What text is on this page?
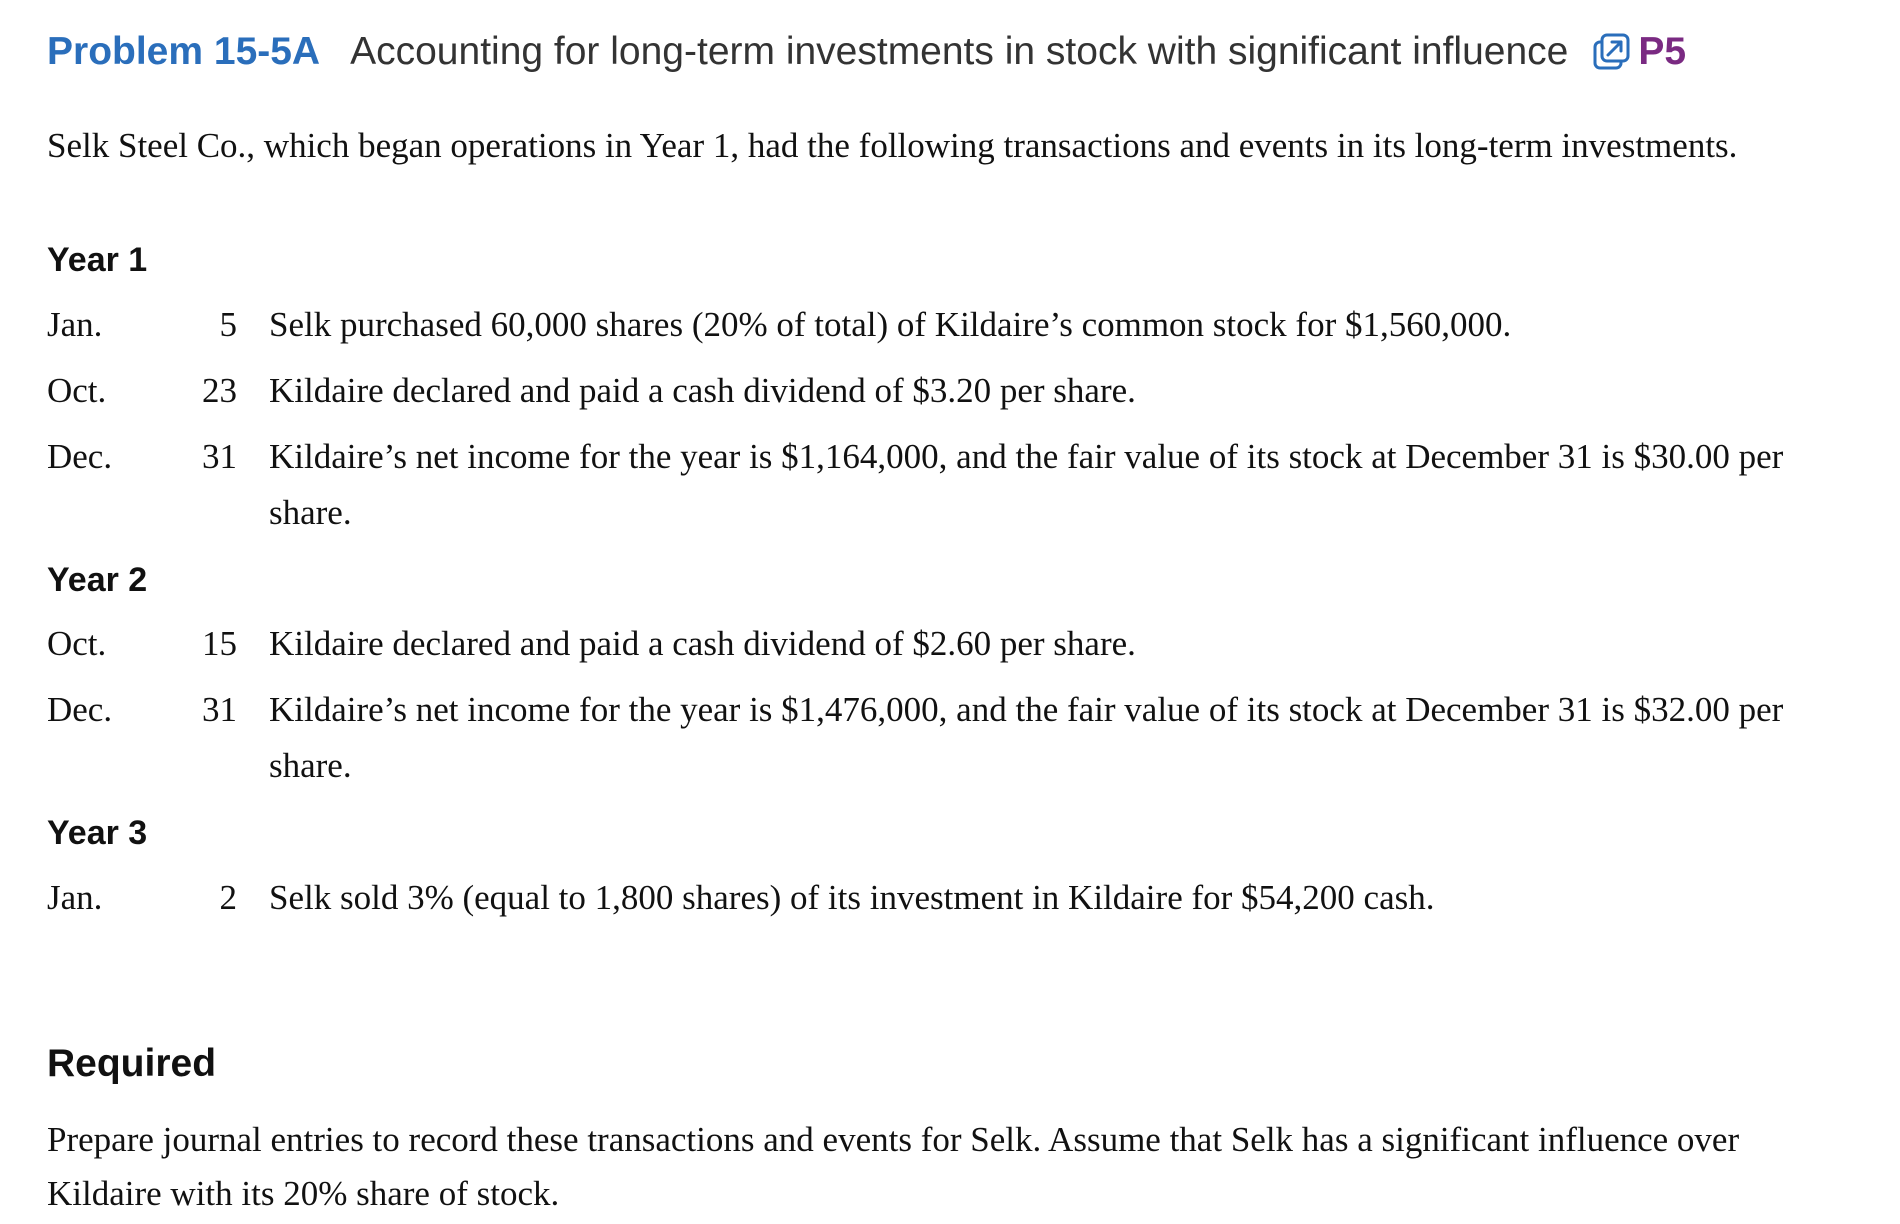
Problem 15-5A Accounting for long-term investments in stock with significant influence P5
Selk Steel Co., which began operations in Year 1, had the following transactions and events in its long-term investments.
Year 1
Jan.	5 Selk purchased 60,000 shares (20% of total) of Kildaire’s common stock for $1,560,000.
Oct.	23 Kildaire declared and paid a cash dividend of $3.20 per share.
Dec.	31 Kildaire’s net income for the year is $1,164,000, and the fair value of its stock at December 31 is $30.00 per
share.
Year 2
Oct.	15 Kildaire declared and paid a cash dividend of $2.60 per share.
Dec.	31 Kildaire’s net income for the year is $1,476,000, and the fair value of its stock at December 31 is $32.00 per
share.
Year 3
Jan.	2 Selk sold 3% (equal to 1,800 shares) of its investment in Kildaire for $54,200 cash.
Required
Prepare journal entries to record these transactions and events for Selk. Assume that Selk has a significant influence over
Kildaire with its 20% share of stock.
